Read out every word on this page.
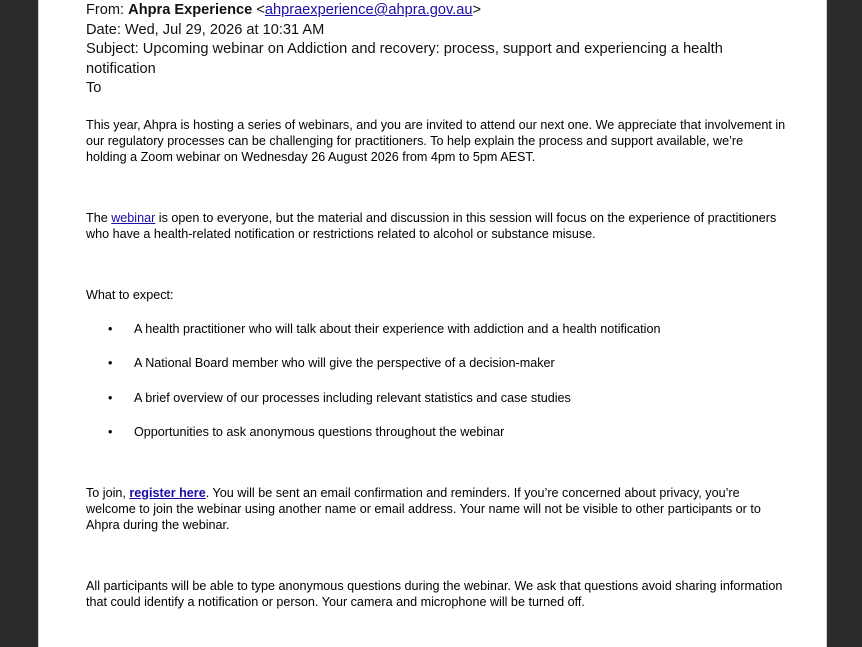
From: Ahpra Experience <ahpraexperience@ahpra.gov.au>
Date: Wed, Jul 29, 2026 at 10:31 AM
Subject: Upcoming webinar on Addiction and recovery: process, support and experiencing a health notification
To
This year, Ahpra is hosting a series of webinars, and you are invited to attend our next one. We appreciate that involvement in our regulatory processes can be challenging for practitioners. To help explain the process and support available, we’re holding a Zoom webinar on Wednesday 26 August 2026 from 4pm to 5pm AEST.
The webinar is open to everyone, but the material and discussion in this session will focus on the experience of practitioners who have a health-related notification or restrictions related to alcohol or substance misuse.
What to expect:
• A health practitioner who will talk about their experience with addiction and a health notification
• A National Board member who will give the perspective of a decision-maker
• A brief overview of our processes including relevant statistics and case studies
• Opportunities to ask anonymous questions throughout the webinar
To join, register here. You will be sent an email confirmation and reminders. If you’re concerned about privacy, you’re welcome to join the webinar using another name or email address. Your name will not be visible to other participants or to Ahpra during the webinar.
All participants will be able to type anonymous questions during the webinar. We ask that questions avoid sharing information that could identify a notification or person. Your camera and microphone will be turned off.
